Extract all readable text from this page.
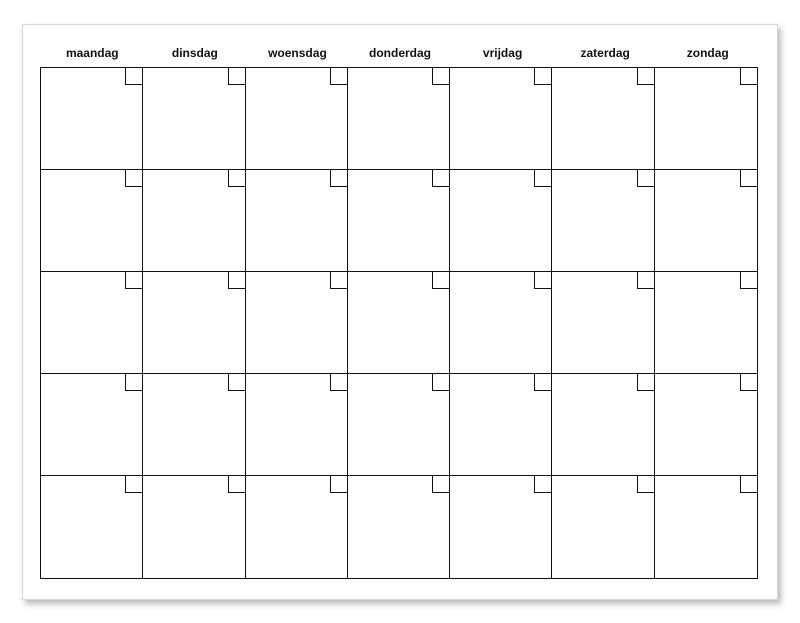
maandag	dinsdag	woensdag	donderdag	vrijdag	zaterdag	zondag
